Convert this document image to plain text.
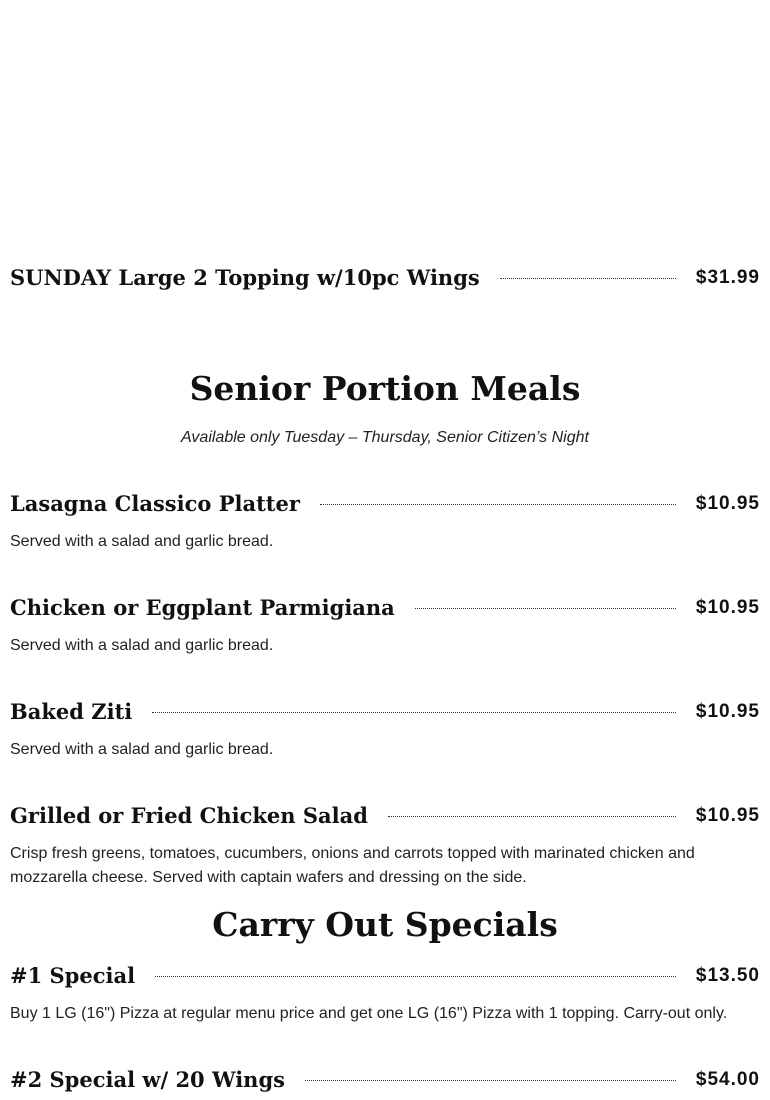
SUNDAY Large 2 Topping w/10pc Wings	$31.99
Senior Portion Meals
Available only Tuesday – Thursday, Senior Citizen’s Night
Lasagna Classico Platter	$10.95
Served with a salad and garlic bread.
Chicken or Eggplant Parmigiana	$10.95
Served with a salad and garlic bread.
Baked Ziti	$10.95
Served with a salad and garlic bread.
Grilled or Fried Chicken Salad	$10.95
Crisp fresh greens, tomatoes, cucumbers, onions and carrots topped with marinated chicken and mozzarella cheese. Served with captain wafers and dressing on the side.
Carry Out Specials
#1 Special	$13.50
Buy 1 LG (16") Pizza at regular menu price and get one LG (16") Pizza with 1 topping. Carry-out only.
#2 Special w/ 20 Wings	$54.00
